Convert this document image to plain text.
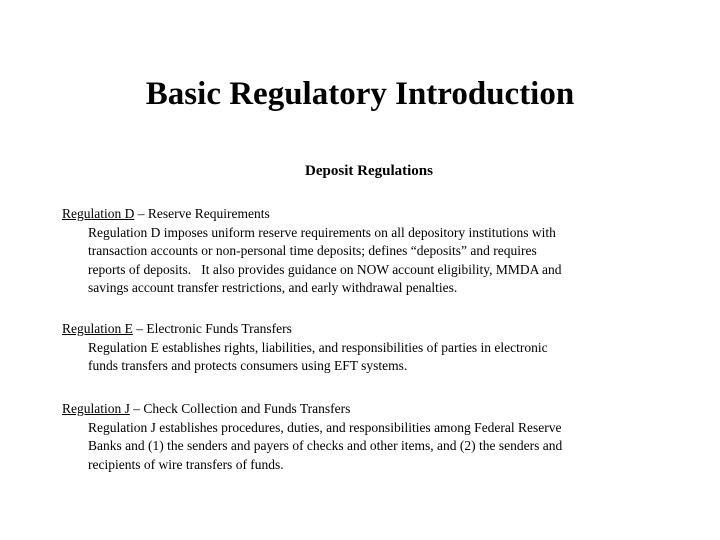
Basic Regulatory Introduction
Deposit Regulations
Regulation D – Reserve Requirements
Regulation D imposes uniform reserve requirements on all depository institutions with
transaction accounts or non-personal time deposits; defines “deposits” and requires
reports of deposits.   It also provides guidance on NOW account eligibility, MMDA and
savings account transfer restrictions, and early withdrawal penalties.
Regulation E – Electronic Funds Transfers
Regulation E establishes rights, liabilities, and responsibilities of parties in electronic
funds transfers and protects consumers using EFT systems.
Regulation J – Check Collection and Funds Transfers
Regulation J establishes procedures, duties, and responsibilities among Federal Reserve
Banks and (1) the senders and payers of checks and other items, and (2) the senders and
recipients of wire transfers of funds.
